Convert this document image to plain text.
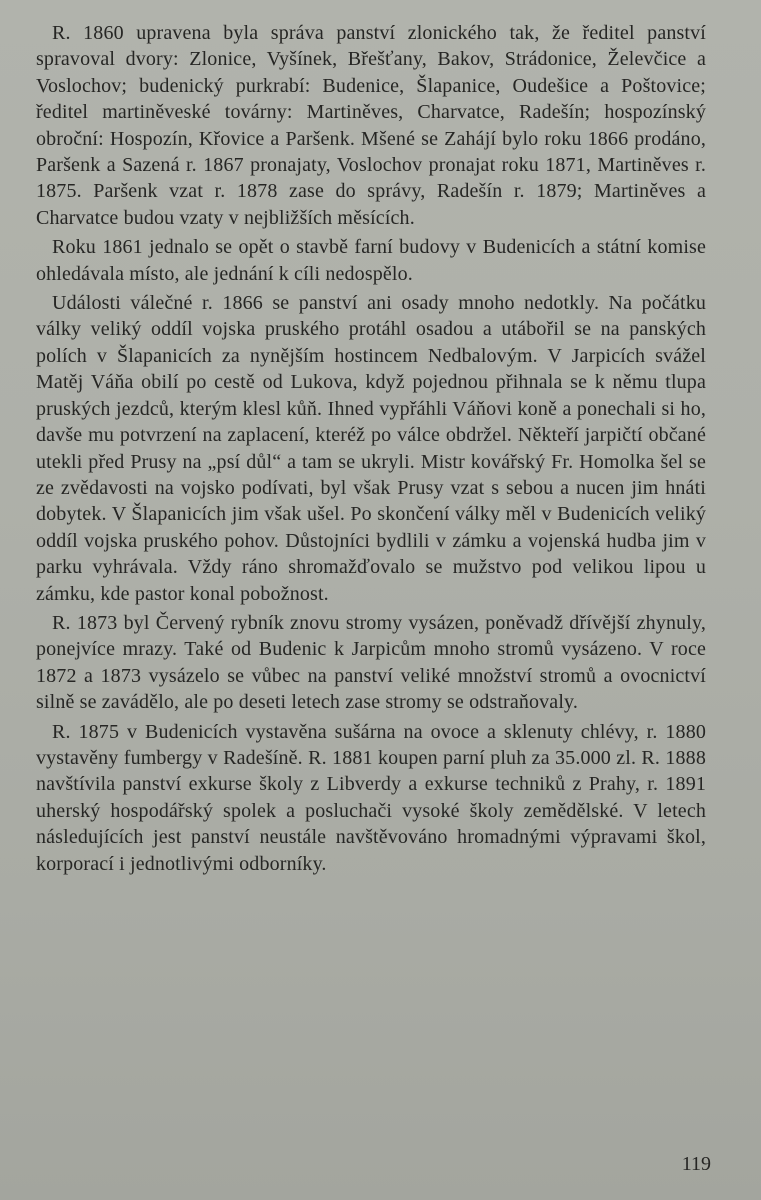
R. 1860 upravena byla správa panství zlonického tak, že ředitel panství spravoval dvory: Zlonice, Vyšínek, Břešťany, Bakov, Strádonice, Želevčice a Voslochov; budenický purkrabí: Budenice, Šlapanice, Oudešice a Poštovice; ředitel martiněveské továrny: Martiněves, Charvatce, Radešín; hospozínský obroční: Hospozín, Křovice a Paršenk. Mšené se Zahájí bylo roku 1866 prodáno, Paršenk a Sazená r. 1867 pronajaty, Voslochov pronajat roku 1871, Martiněves r. 1875. Paršenk vzat r. 1878 zase do správy, Radešín r. 1879; Martiněves a Charvatce budou vzaty v nejbližších měsících.

Roku 1861 jednalo se opět o stavbě farní budovy v Budenicích a státní komise ohledávala místo, ale jednání k cíli nedospělo.

Události válečné r. 1866 se panství ani osady mnoho nedotkly. Na počátku války veliký oddíl vojska pruského protáhl osadou a utábořil se na panských polích v Šlapanicích za nynějším hostincem Nedbalovým. V Jarpicích svážel Matěj Váňa obilí po cestě od Lukova, když pojednou přihnala se k němu tlupa pruských jezdců, kterým klesl kůň. Ihned vypřáhli Váňovi koně a ponechali si ho, davše mu potvrzení na zaplacení, kteréž po válce obdržel. Někteří jarpičtí občané utekli před Prusy na „psí důl“ a tam se ukryli. Mistr kovářský Fr. Homolka šel se ze zvědavosti na vojsko podívati, byl však Prusy vzat s sebou a nucen jim hnáti dobytek. V Šlapanicích jim však ušel. Po skončení války měl v Budenicích veliký oddíl vojska pruského pohov. Důstojníci bydlili v zámku a vojenská hudba jim v parku vyhrávala. Vždy ráno shromažďovalo se mužstvo pod velikou lipou u zámku, kde pastor konal pobožnost.

R. 1873 byl Červený rybník znovu stromy vysázen, poněvadž dřívější zhynuly, ponejvíce mrazy. Také od Budenic k Jarpicům mnoho stromů vysázeno. V roce 1872 a 1873 vysázelo se vůbec na panství veliké množství stromů a ovocnictví silně se zavádělo, ale po deseti letech zase stromy se odstraňovaly.

R. 1875 v Budenicích vystavěna sušárna na ovoce a sklenuty chlévy, r. 1880 vystavěny fumbergy v Radešíně. R. 1881 koupen parní pluh za 35.000 zl. R. 1888 navštívila panství exkurse školy z Libverdy a exkurse techniků z Prahy, r. 1891 uherský hospodářský spolek a posluchači vysoké školy zemědělské. V letech následujících jest panství neustále navštěvováno hromadnými výpravami škol, korporací i jednotlivými odborníky.

119
